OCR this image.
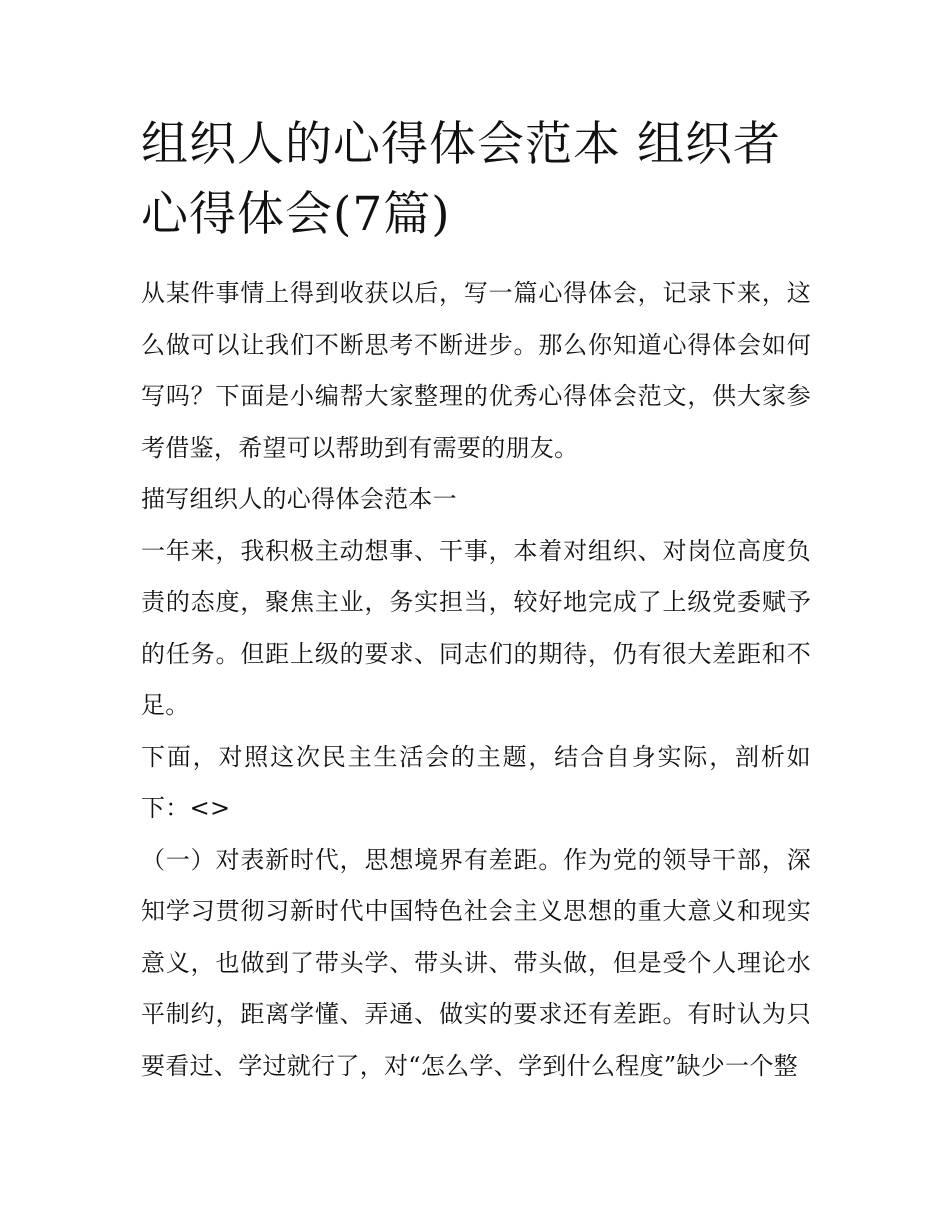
组织人的心得体会范本 组织者心得体会(7篇)

从某件事情上得到收获以后，写一篇心得体会，记录下来，这么做可以让我们不断思考不断进步。那么你知道心得体会如何写吗？下面是小编帮大家整理的优秀心得体会范文，供大家参考借鉴，希望可以帮助到有需要的朋友。

描写组织人的心得体会范本一

一年来，我积极主动想事、干事，本着对组织、对岗位高度负责的态度，聚焦主业，务实担当，较好地完成了上级党委赋予的任务。但距上级的要求、同志们的期待，仍有很大差距和不足。

下面，对照这次民主生活会的主题，结合自身实际，剖析如下：<>

（一）对表新时代，思想境界有差距。作为党的领导干部，深知学习贯彻习新时代中国特色社会主义思想的重大意义和现实意义，也做到了带头学、带头讲、带头做，但是受个人理论水平制约，距离学懂、弄通、做实的要求还有差距。有时认为只要看过、学过就行了，对“怎么学、学到什么程度”缺少一个整
